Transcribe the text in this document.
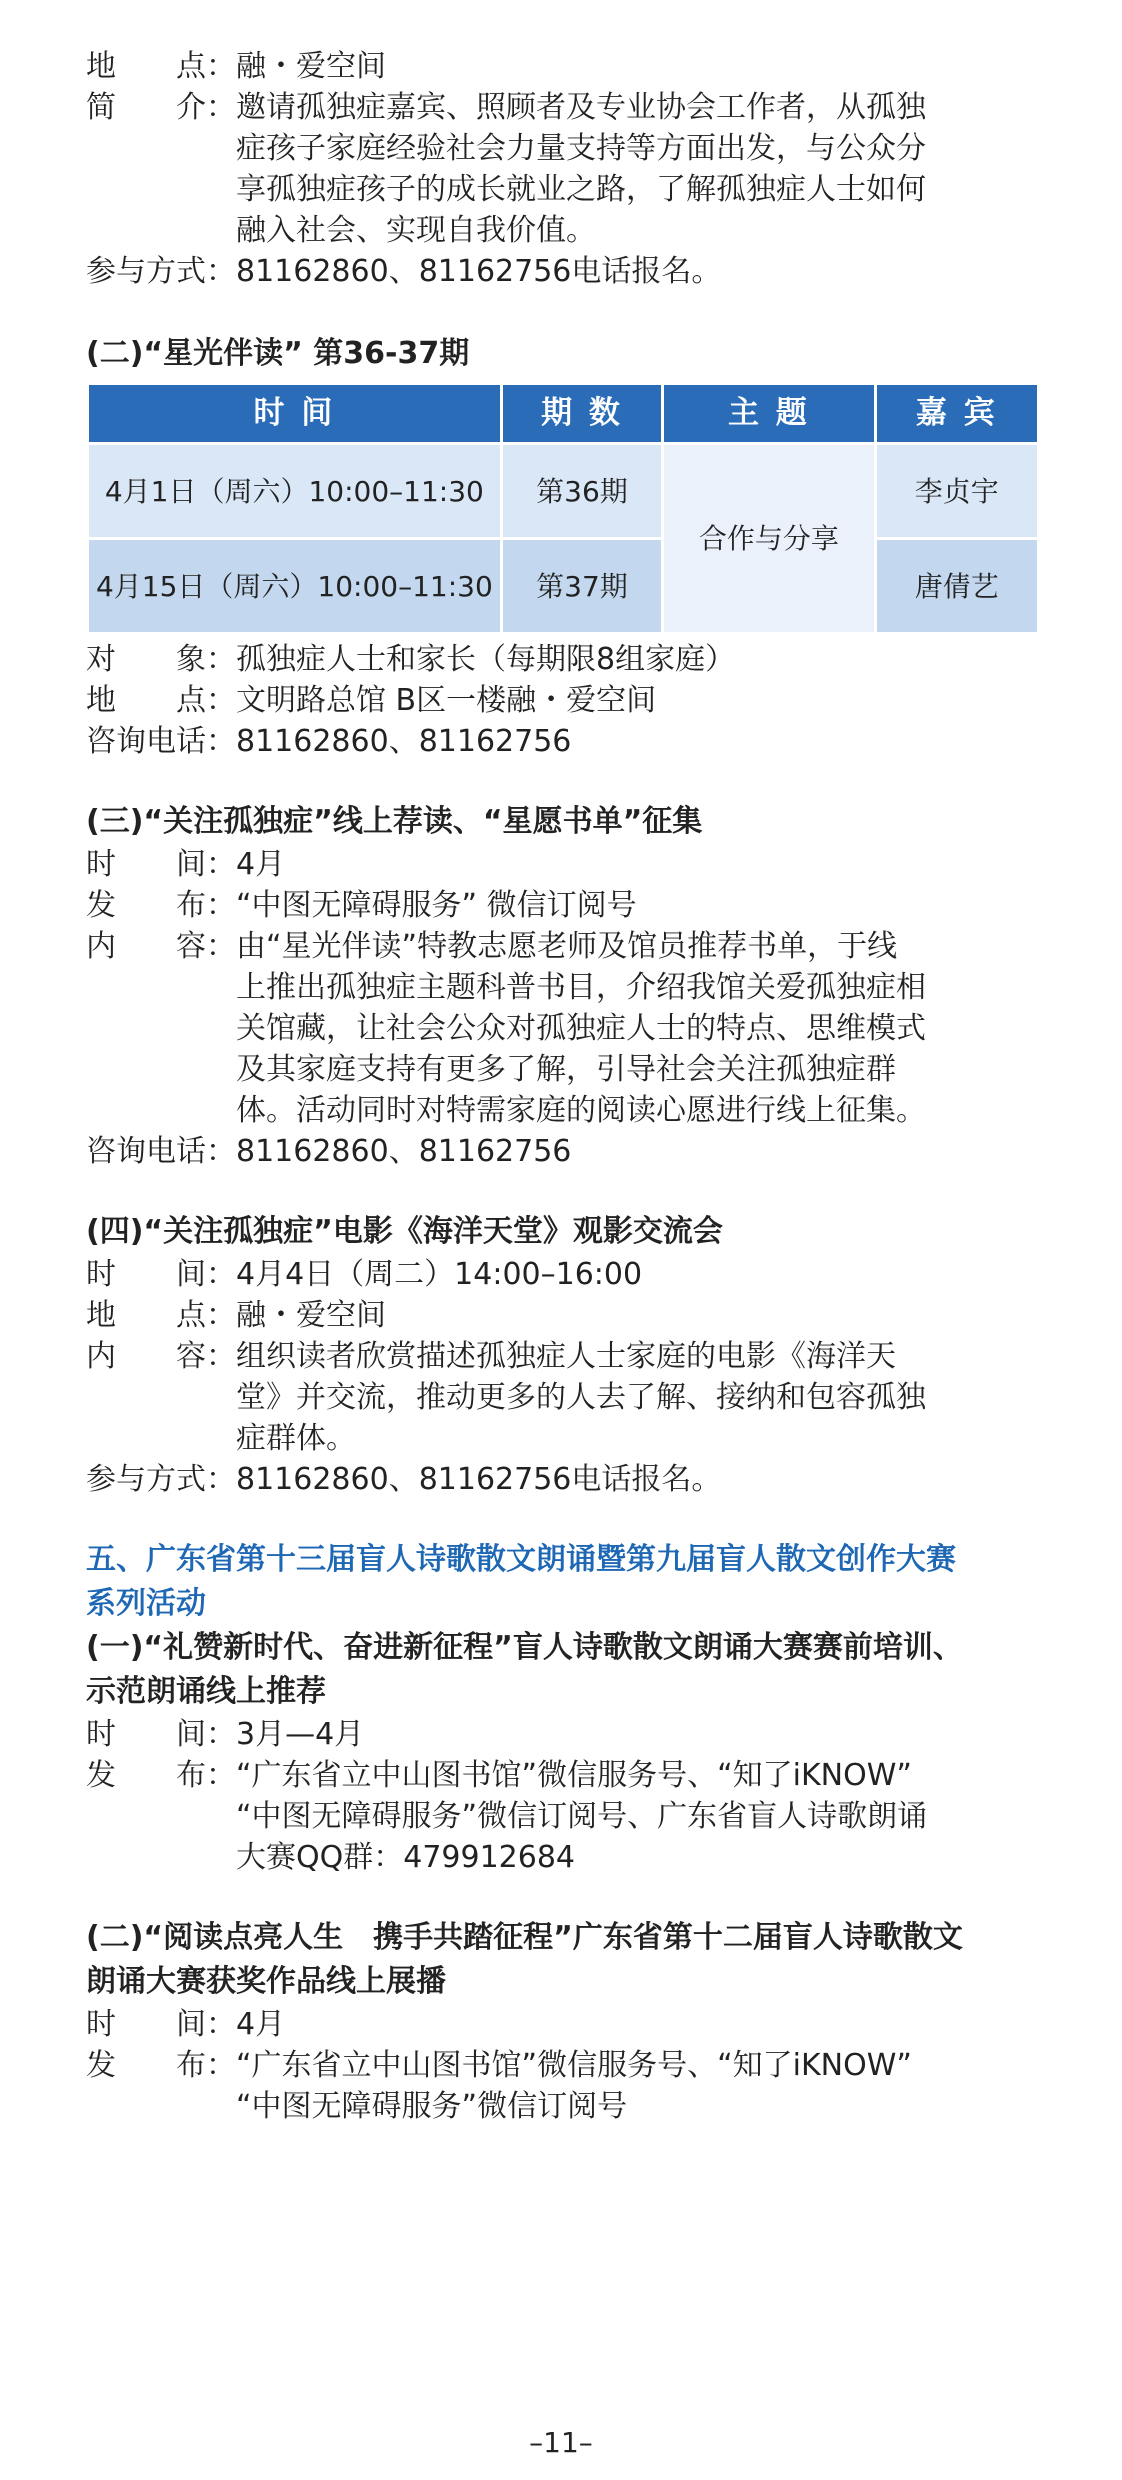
地　　点： 融・爱空间
简　　介： 邀请孤独症嘉宾、照顾者及专业协会工作者，从孤独
症孩子家庭经验社会力量支持等方面出发，与公众分
享孤独症孩子的成长就业之路，了解孤独症人士如何
融入社会、实现自我价值。
参与方式： 81162860、81162756电话报名。
(二)“星光伴读” 第36-37期
时 间	期 数	主 题	嘉 宾
4月1日（周六）10:00–11:30	第36期	合作与分享	李贞宇
4月15日（周六）10:00–11:30	第37期		唐倩艺
对　　象： 孤独症人士和家长（每期限8组家庭）
地　　点： 文明路总馆 B区一楼融・爱空间
咨询电话： 81162860、81162756
(三)“关注孤独症”线上荐读、“星愿书单”征集
时　　间： 4月
发　　布： “中图无障碍服务” 微信订阅号
内　　容： 由“星光伴读”特教志愿老师及馆员推荐书单，于线
上推出孤独症主题科普书目，介绍我馆关爱孤独症相
关馆藏，让社会公众对孤独症人士的特点、思维模式
及其家庭支持有更多了解，引导社会关注孤独症群
体。活动同时对特需家庭的阅读心愿进行线上征集。
咨询电话： 81162860、81162756
(四)“关注孤独症”电影《海洋天堂》观影交流会
时　　间： 4月4日（周二）14:00–16:00
地　　点： 融・爱空间
内　　容： 组织读者欣赏描述孤独症人士家庭的电影《海洋天
堂》并交流，推动更多的人去了解、接纳和包容孤独
症群体。
参与方式： 81162860、81162756电话报名。
五、广东省第十三届盲人诗歌散文朗诵暨第九届盲人散文创作大赛
系列活动
(一)“礼赞新时代、奋进新征程”盲人诗歌散文朗诵大赛赛前培训、
示范朗诵线上推荐
时　　间： 3月—4月
发　　布： “广东省立中山图书馆”微信服务号、“知了iKNOW”
“中图无障碍服务”微信订阅号、广东省盲人诗歌朗诵
大赛QQ群：479912684
(二)“阅读点亮人生　携手共踏征程”广东省第十二届盲人诗歌散文
朗诵大赛获奖作品线上展播
时　　间： 4月
发　　布： “广东省立中山图书馆”微信服务号、“知了iKNOW”
“中图无障碍服务”微信订阅号
–11–
